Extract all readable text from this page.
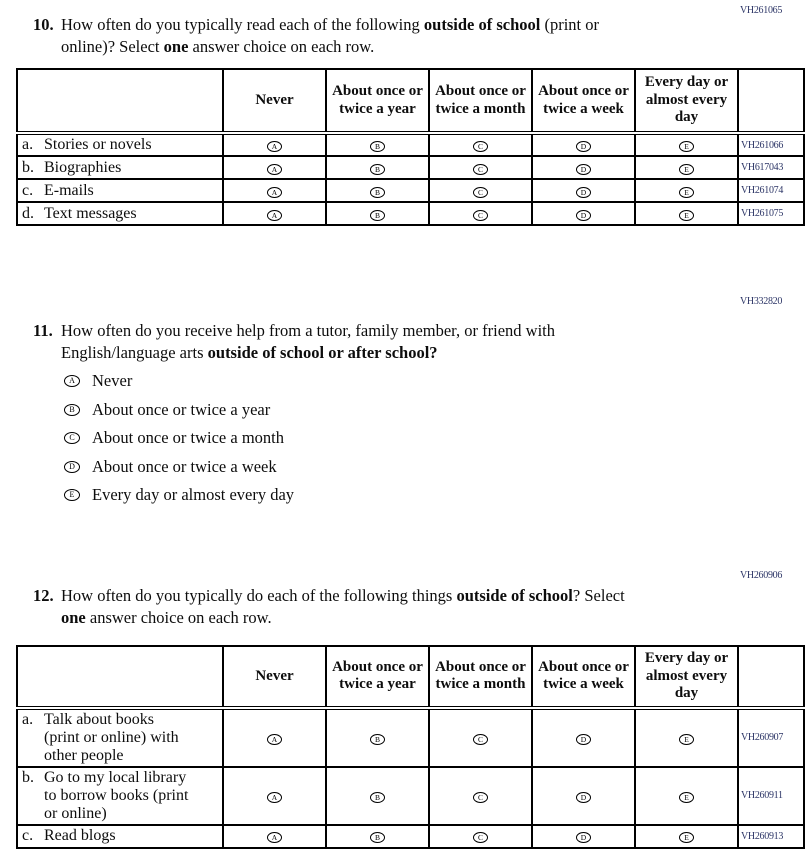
VH261065
10. How often do you typically read each of the following outside of school (print or
online)? Select one answer choice on each row.
	Never	About once or twice a year	About once or twice a month	About once or twice a week	Every day or almost every day	
a. Stories or novels	A	B	C	D	E	VH261066
b. Biographies	A	B	C	D	E	VH617043
c. E-mails	A	B	C	D	E	VH261074
d. Text messages	A	B	C	D	E	VH261075
VH332820
11. How often do you receive help from a tutor, family member, or friend with
English/language arts outside of school or after school?
A	Never
B	About once or twice a year
C	About once or twice a month
D	About once or twice a week
E	Every day or almost every day
VH260906
12. How often do you typically do each of the following things outside of school? Select
one answer choice on each row.
	Never	About once or twice a year	About once or twice a month	About once or twice a week	Every day or almost every day	
a. Talk about books
(print or online) with
other people	A	B	C	D	E	VH260907
b. Go to my local library
to borrow books (print
or online)	A	B	C	D	E	VH260911
c. Read blogs	A	B	C	D	E	VH260913
